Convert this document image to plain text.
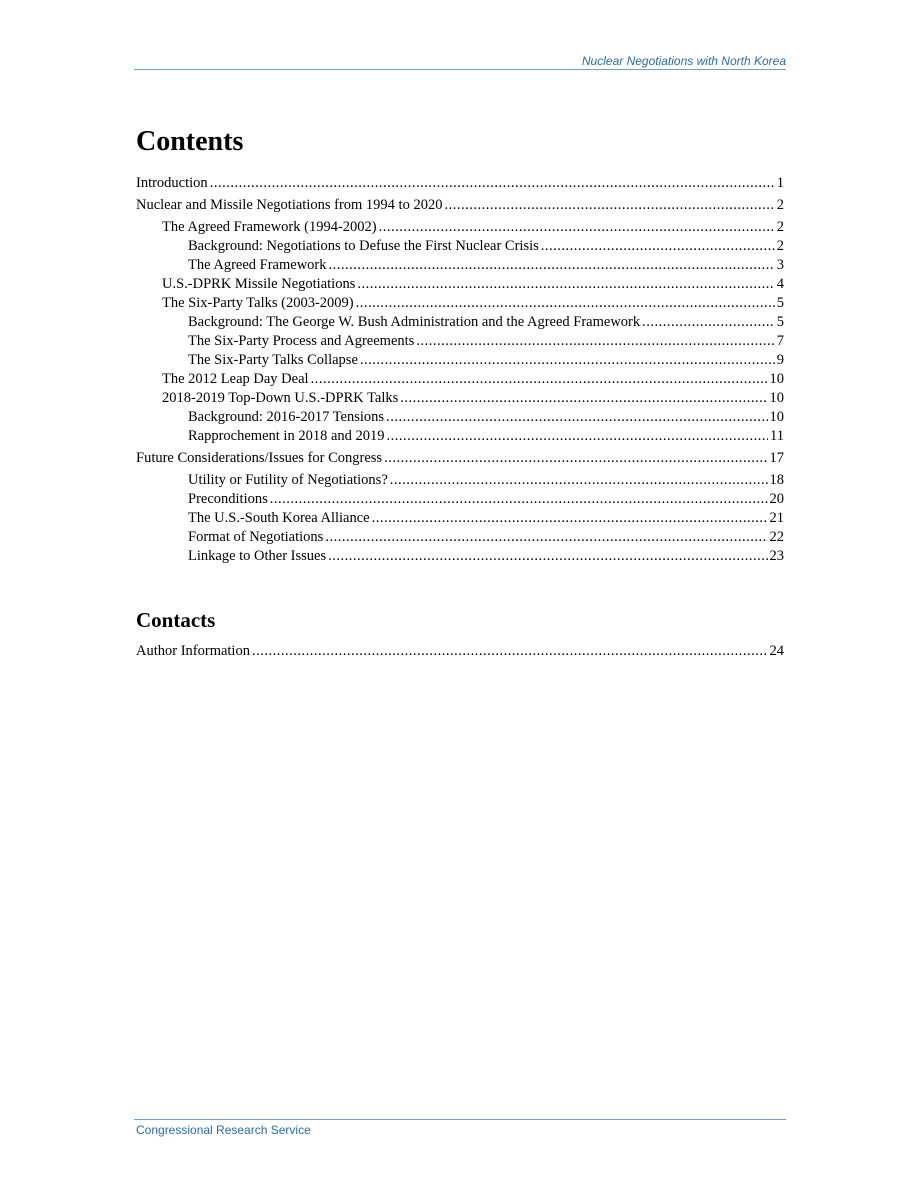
Nuclear Negotiations with North Korea
Contents
Introduction .....	1
Nuclear and Missile Negotiations from 1994 to 2020 .....	2
The Agreed Framework (1994-2002) .....	2
Background: Negotiations to Defuse the First Nuclear Crisis .....	2
The Agreed Framework .....	3
U.S.-DPRK Missile Negotiations .....	4
The Six-Party Talks (2003-2009) .....	5
Background: The George W. Bush Administration and the Agreed Framework .....	5
The Six-Party Process and Agreements .....	7
The Six-Party Talks Collapse .....	9
The 2012 Leap Day Deal .....	10
2018-2019 Top-Down U.S.-DPRK Talks .....	10
Background: 2016-2017 Tensions .....	10
Rapprochement in 2018 and 2019 .....	11
Future Considerations/Issues for Congress .....	17
Utility or Futility of Negotiations? .....	18
Preconditions .....	20
The U.S.-South Korea Alliance .....	21
Format of Negotiations .....	22
Linkage to Other Issues .....	23
Contacts
Author Information .....	24
Congressional Research Service
